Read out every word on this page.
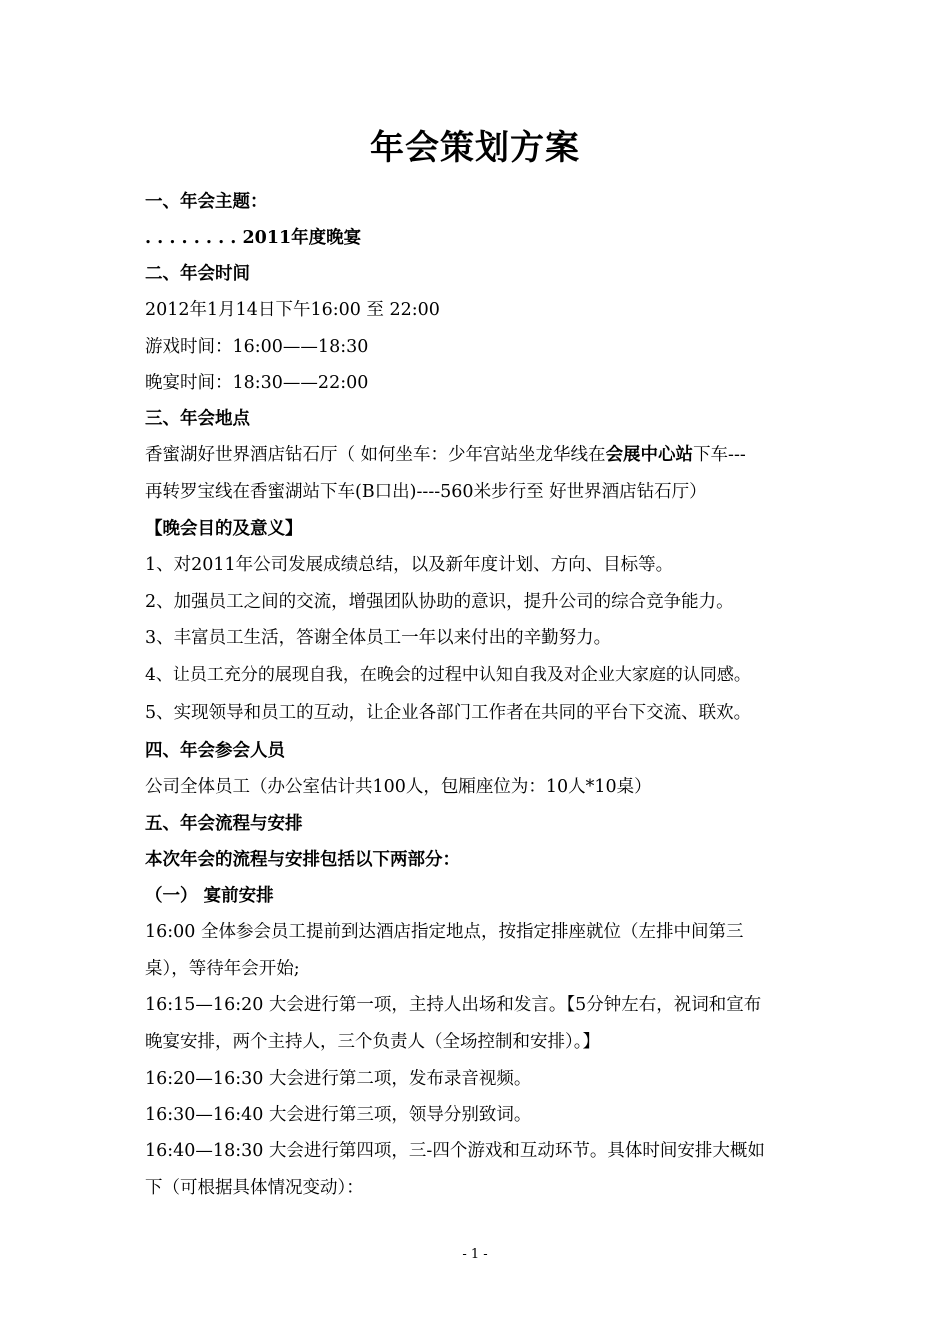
年会策划方案
一、年会主题：
. . . . . . . . 2011年度晚宴
二、年会时间
2012年1月14日下午16:00 至 22:00
游戏时间：16:00——18:30
晚宴时间：18:30——22:00
三、年会地点
香蜜湖好世界酒店钻石厅（ 如何坐车：少年宫站坐龙华线在会展中心站下车---
再转罗宝线在香蜜湖站下车(B口出)----560米步行至 好世界酒店钻石厅）
【晚会目的及意义】
1、对2011年公司发展成绩总结，以及新年度计划、方向、目标等。
2、加强员工之间的交流，增强团队协助的意识，提升公司的综合竞争能力。
3、丰富员工生活，答谢全体员工一年以来付出的辛勤努力。
4、让员工充分的展现自我，在晚会的过程中认知自我及对企业大家庭的认同感。
5、实现领导和员工的互动，让企业各部门工作者在共同的平台下交流、联欢。
四、年会参会人员
公司全体员工（办公室估计共100人，包厢座位为：10人*10桌）
五、年会流程与安排
本次年会的流程与安排包括以下两部分：
（一） 宴前安排
16:00 全体参会员工提前到达酒店指定地点，按指定排座就位（左排中间第三
桌），等待年会开始;
16:15—16:20 大会进行第一项，主持人出场和发言。【5分钟左右，祝词和宣布
晚宴安排，两个主持人，三个负责人（全场控制和安排）。】
16:20—16:30 大会进行第二项，发布录音视频。
16:30—16:40 大会进行第三项，领导分别致词。
16:40—18:30 大会进行第四项，三-四个游戏和互动环节。具体时间安排大概如
下（可根据具体情况变动）：
- 1 -
